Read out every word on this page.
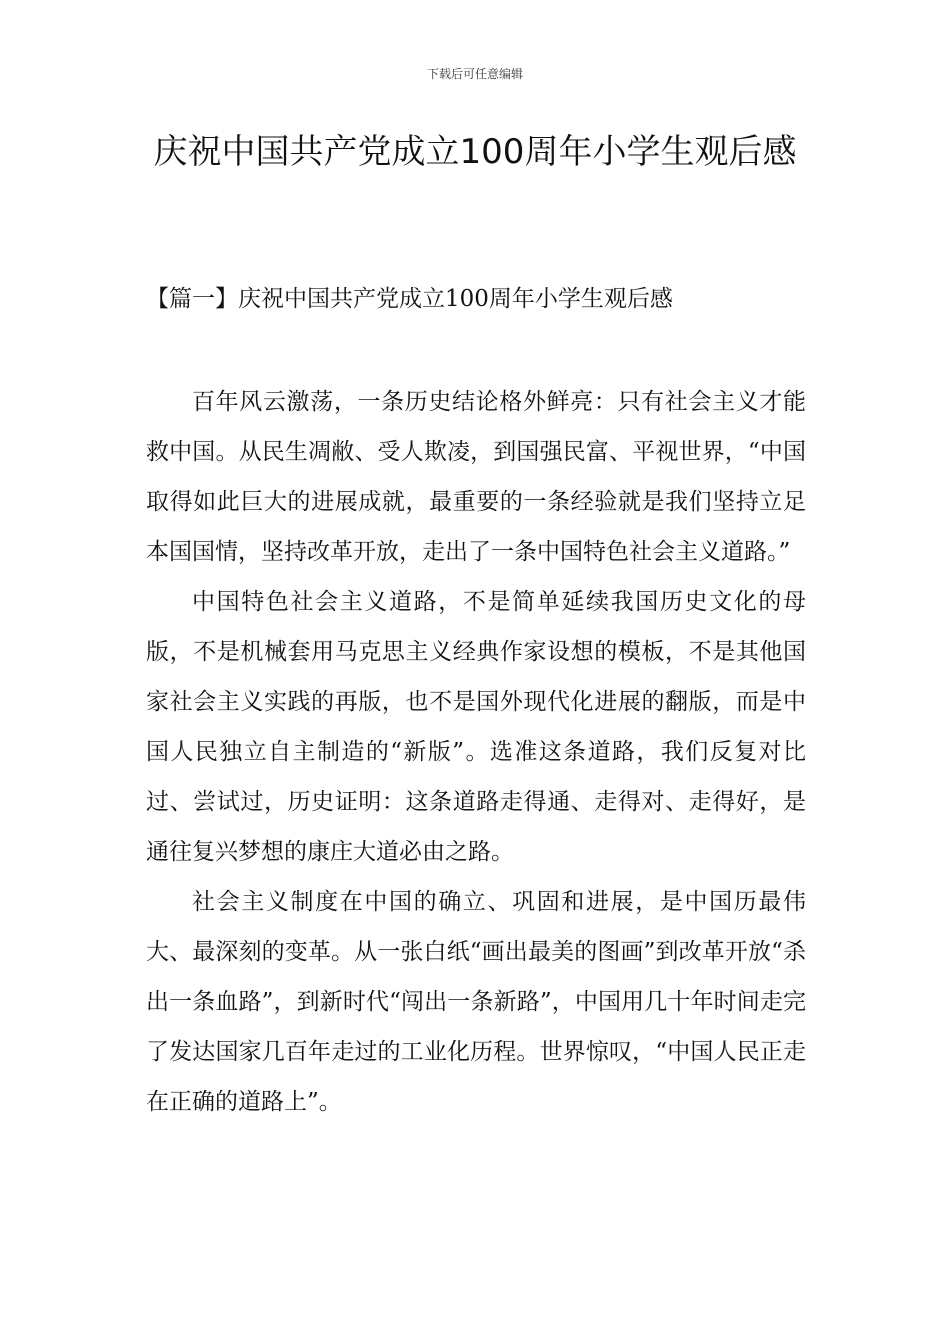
下载后可任意编辑
庆祝中国共产党成立100周年小学生观后感
【篇一】庆祝中国共产党成立100周年小学生观后感

百年风云激荡，一条历史结论格外鲜亮：只有社会主义才能救中国。从民生凋敝、受人欺凌，到国强民富、平视世界，“中国取得如此巨大的进展成就，最重要的一条经验就是我们坚持立足本国国情，坚持改革开放，走出了一条中国特色社会主义道路。”

中国特色社会主义道路，不是简单延续我国历史文化的母版，不是机械套用马克思主义经典作家设想的模板，不是其他国家社会主义实践的再版，也不是国外现代化进展的翻版，而是中国人民独立自主制造的“新版”。选准这条道路，我们反复对比过、尝试过，历史证明：这条道路走得通、走得对、走得好，是通往复兴梦想的康庄大道必由之路。

社会主义制度在中国的确立、巩固和进展，是中国历最伟大、最深刻的变革。从一张白纸“画出最美的图画”到改革开放“杀出一条血路”，到新时代“闯出一条新路”，中国用几十年时间走完了发达国家几百年走过的工业化历程。世界惊叹，“中国人民正走在正确的道路上”。
